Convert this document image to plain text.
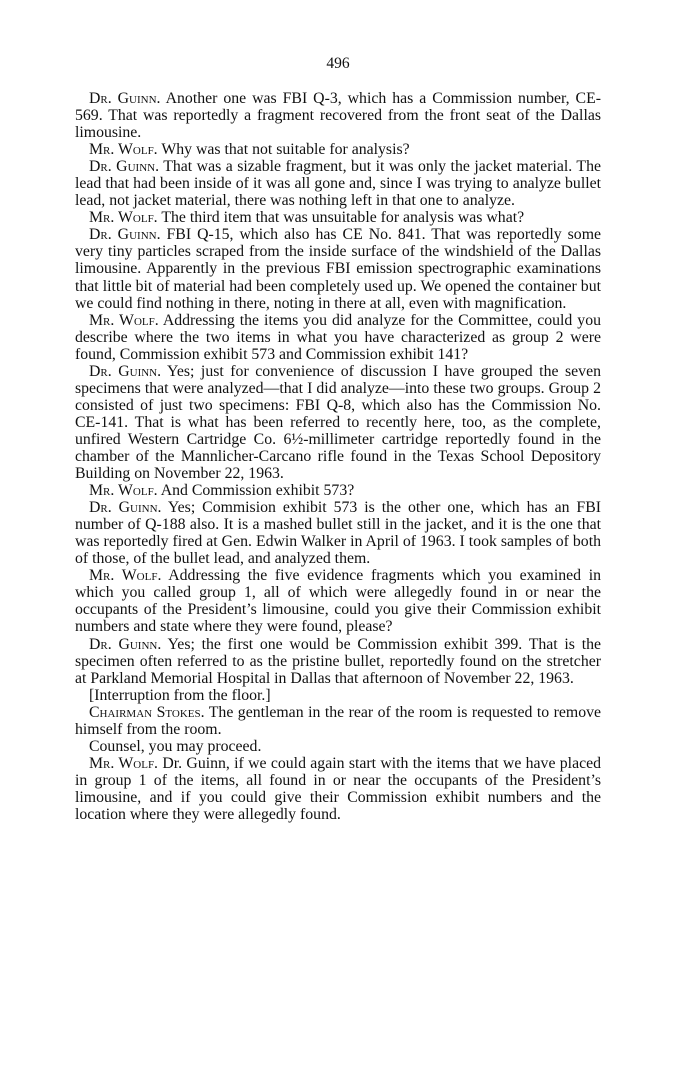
496

Dr. Guinn. Another one was FBI Q-3, which has a Commission number, CE-569. That was reportedly a fragment recovered from the front seat of the Dallas limousine.

Mr. Wolf. Why was that not suitable for analysis?

Dr. Guinn. That was a sizable fragment, but it was only the jacket material. The lead that had been inside of it was all gone and, since I was trying to analyze bullet lead, not jacket material, there was nothing left in that one to analyze.

Mr. Wolf. The third item that was unsuitable for analysis was what?

Dr. Guinn. FBI Q-15, which also has CE No. 841. That was reportedly some very tiny particles scraped from the inside surface of the windshield of the Dallas limousine. Apparently in the previous FBI emission spectrographic examinations that little bit of material had been completely used up. We opened the container but we could find nothing in there, noting in there at all, even with magnification.

Mr. Wolf. Addressing the items you did analyze for the Committee, could you describe where the two items in what you have characterized as group 2 were found, Commission exhibit 573 and Commission exhibit 141?

Dr. Guinn. Yes; just for convenience of discussion I have grouped the seven specimens that were analyzed—that I did analyze—into these two groups. Group 2 consisted of just two specimens: FBI Q-8, which also has the Commission No. CE-141. That is what has been referred to recently here, too, as the complete, unfired Western Cartridge Co. 6½-millimeter cartridge reportedly found in the chamber of the Mannlicher-Carcano rifle found in the Texas School Depository Building on November 22, 1963.

Mr. Wolf. And Commission exhibit 573?

Dr. Guinn. Yes; Commision exhibit 573 is the other one, which has an FBI number of Q-188 also. It is a mashed bullet still in the jacket, and it is the one that was reportedly fired at Gen. Edwin Walker in April of 1963. I took samples of both of those, of the bullet lead, and analyzed them.

Mr. Wolf. Addressing the five evidence fragments which you examined in which you called group 1, all of which were allegedly found in or near the occupants of the President’s limousine, could you give their Commission exhibit numbers and state where they were found, please?

Dr. Guinn. Yes; the first one would be Commission exhibit 399. That is the specimen often referred to as the pristine bullet, reportedly found on the stretcher at Parkland Memorial Hospital in Dallas that afternoon of November 22, 1963.

[Interruption from the floor.]

Chairman Stokes. The gentleman in the rear of the room is requested to remove himself from the room.

Counsel, you may proceed.

Mr. Wolf. Dr. Guinn, if we could again start with the items that we have placed in group 1 of the items, all found in or near the occupants of the President’s limousine, and if you could give their Commission exhibit numbers and the location where they were allegedly found.
